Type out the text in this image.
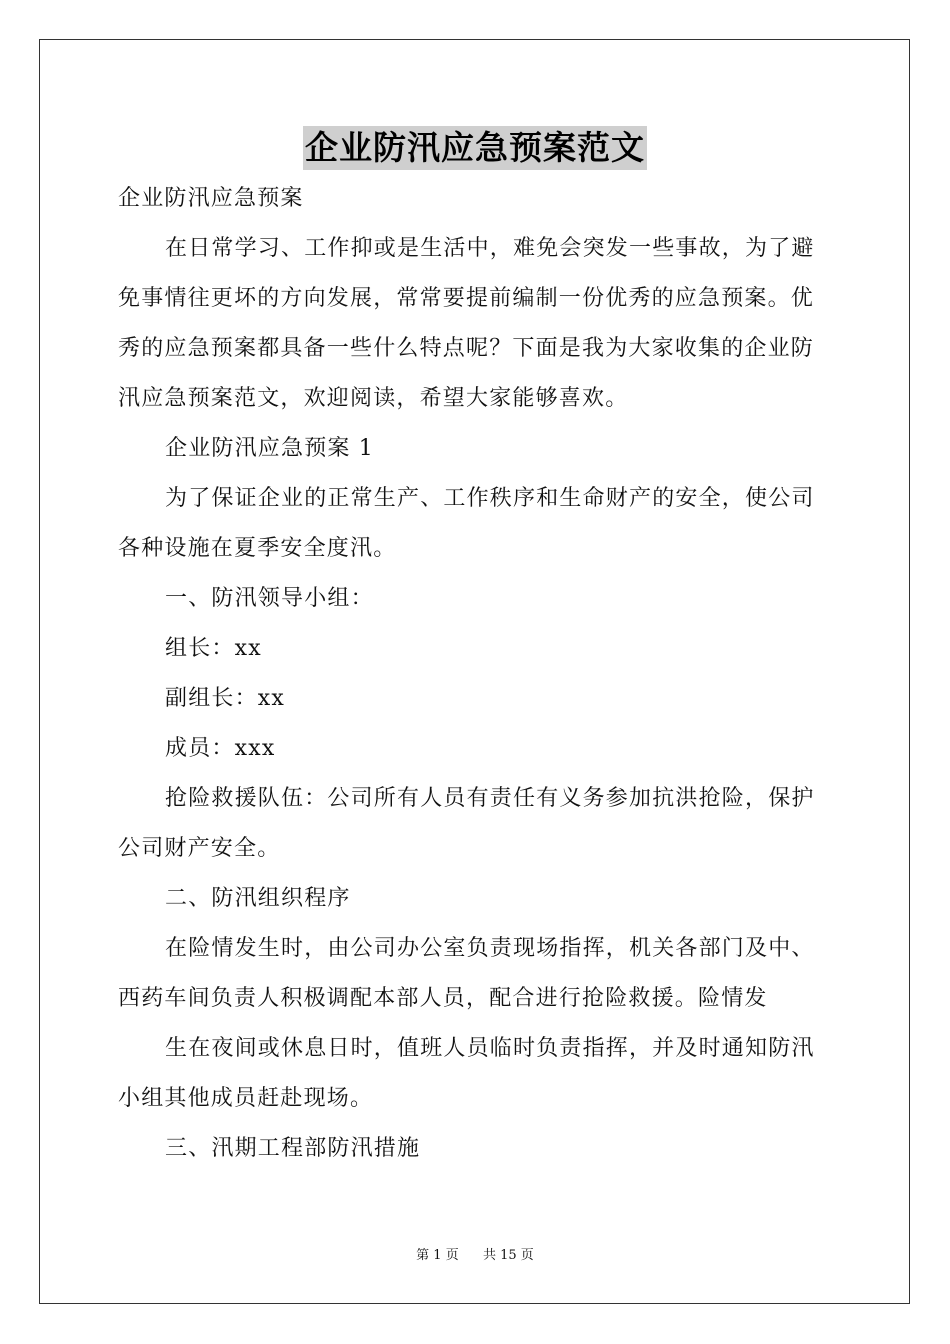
企业防汛应急预案范文
企业防汛应急预案
在日常学习、工作抑或是生活中，难免会突发一些事故，为了避
免事情往更坏的方向发展，常常要提前编制一份优秀的应急预案。优
秀的应急预案都具备一些什么特点呢？下面是我为大家收集的企业防
汛应急预案范文，欢迎阅读，希望大家能够喜欢。
企业防汛应急预案 1
为了保证企业的正常生产、工作秩序和生命财产的安全，使公司
各种设施在夏季安全度汛。
一、防汛领导小组：
组长：xx
副组长：xx
成员：xxx
抢险救援队伍：公司所有人员有责任有义务参加抗洪抢险，保护
公司财产安全。
二、防汛组织程序
在险情发生时，由公司办公室负责现场指挥，机关各部门及中、
西药车间负责人积极调配本部人员，配合进行抢险救援。险情发
生在夜间或休息日时，值班人员临时负责指挥，并及时通知防汛
小组其他成员赶赴现场。
三、汛期工程部防汛措施
第 1 页 共 15 页
